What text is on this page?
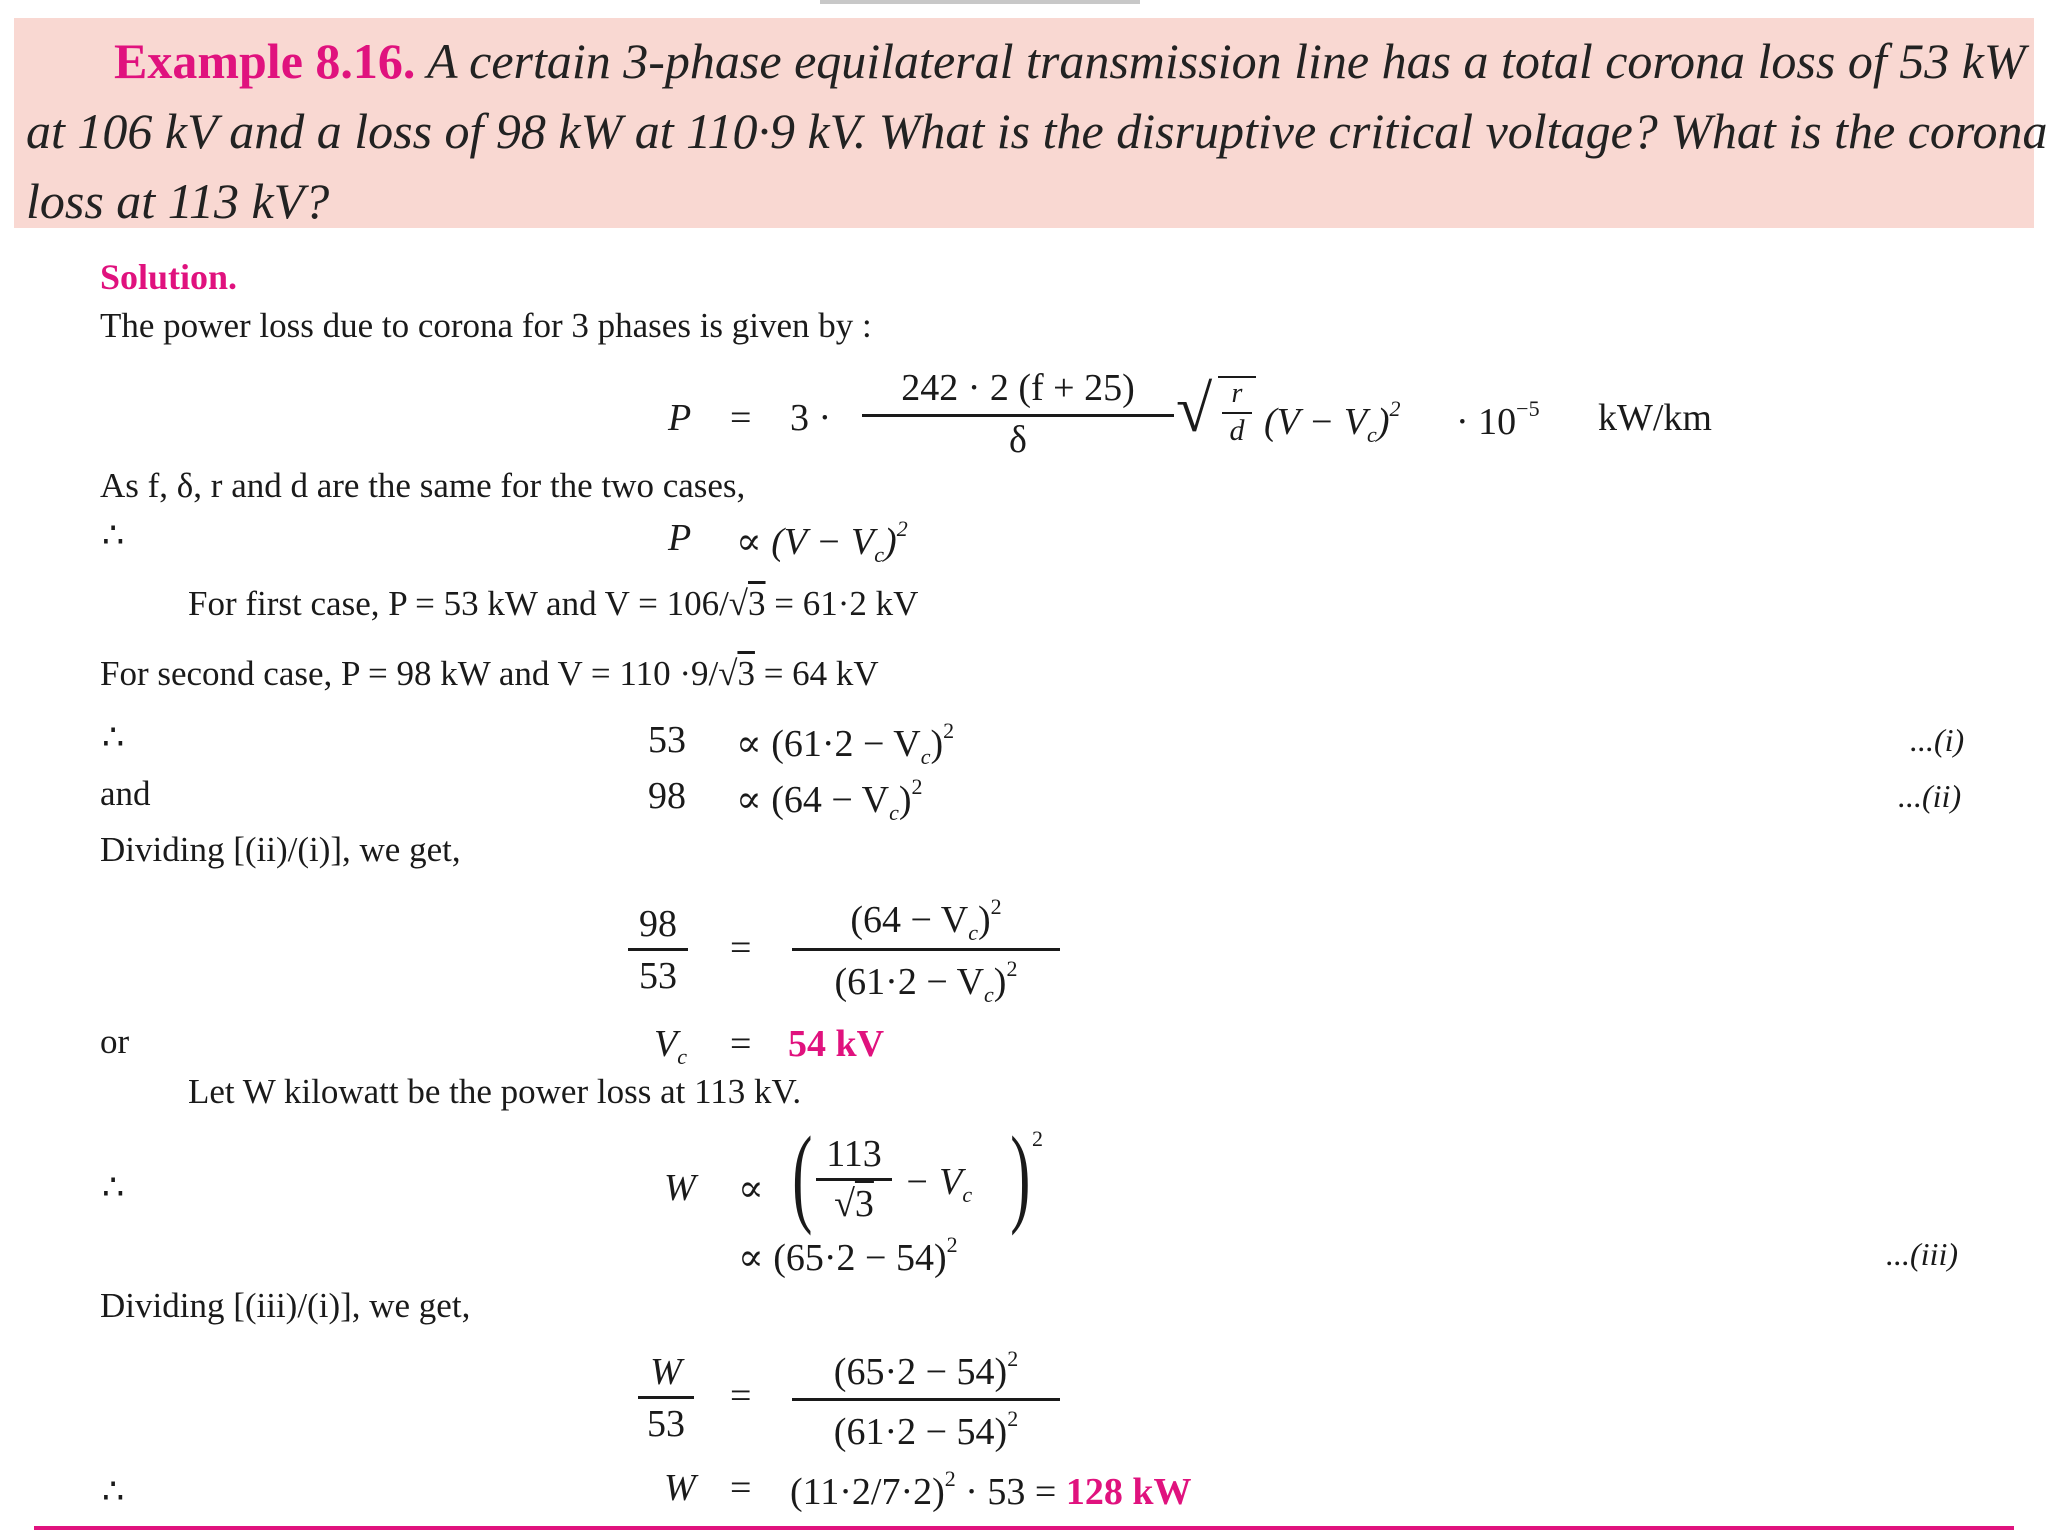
Example 8.16. A certain 3-phase equilateral transmission line has a total corona loss of 53 kW
at 106 kV and a loss of 98 kW at 110·9 kV. What is the disruptive critical voltage? What is the corona
loss at 113 kV?
Solution.
The power loss due to corona for 3 phases is given by :
P = 3 ·
242 · 2 (f + 25)
δ	√ r
d $(V - V_c)^2 \cdot 10^{-5}$ kW/km
As f, δ, r and d are the same for the two cases,
∴	$P \propto (V - V_c)^2$
For first case, P = 53 kW and V = 106/√3 = 61·2 kV
For second case, P = 98 kW and V = 110 ·9/√3 = 64 kV
∴	$53 \propto (61\cdot 2 - V_c)^2$	...(i)
and	$98 \propto (64 - V_c)^2$	...(ii)
Dividing [(ii)/(i)], we get,
98
53
=
$(64 - V_c)^2$
$(61\cdot 2 - V_c)^2$
or	$V_c = 54$ kV
Let W kilowatt be the power loss at 113 kV.
∴	W ∝ ( 113
√3
− $V_c$ ) 2
∝ $(65\cdot 2 - 54)^2$	...(iii)
Dividing [(iii)/(i)], we get,
W
53
=
$(65\cdot 2 - 54)^2$
$(61\cdot 2 - 54)^2$
∴	$W = (11\cdot 2/7\cdot 2)^2 \cdot 53 = 128$ kW
